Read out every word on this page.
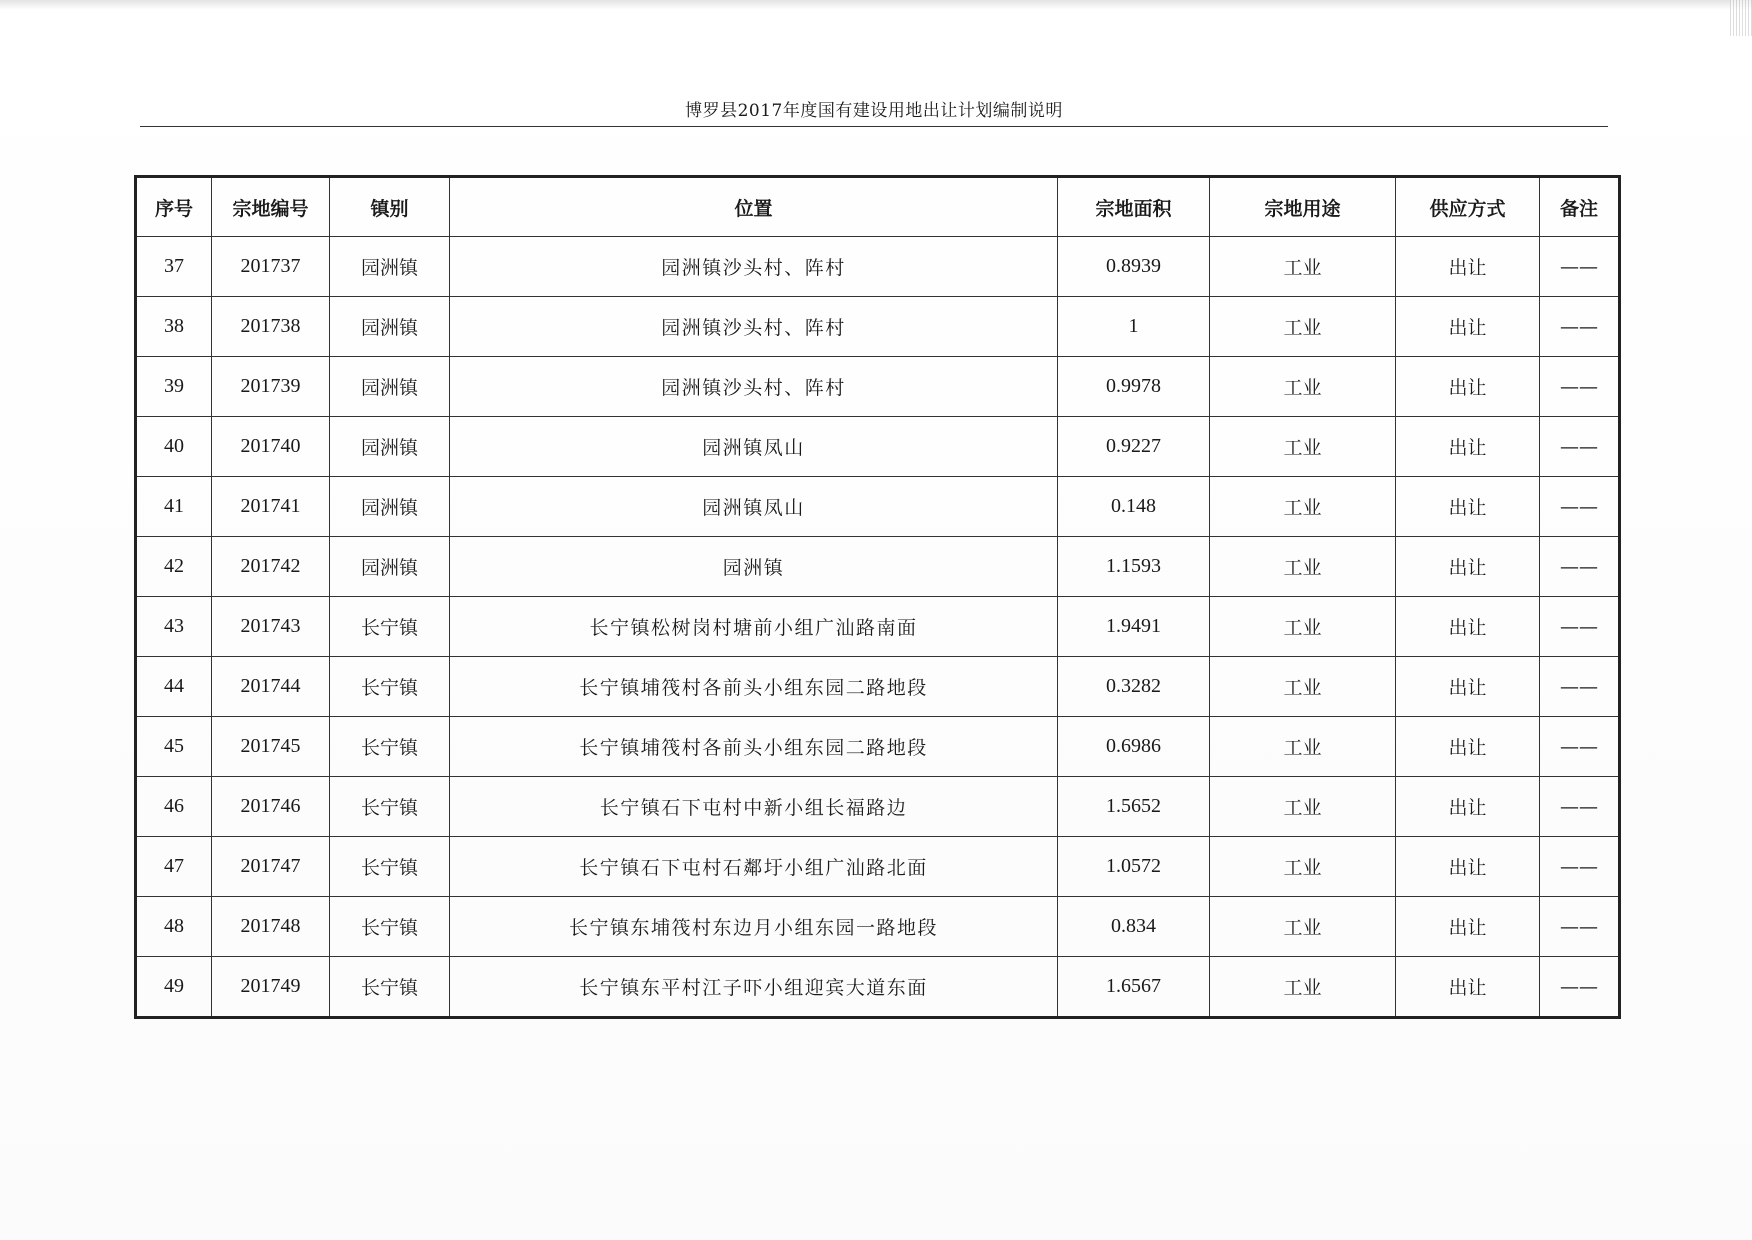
博罗县2017年度国有建设用地出让计划编制说明
序号	宗地编号	镇别	位置	宗地面积	宗地用途	供应方式	备注
37	201737	园洲镇	园洲镇沙头村、阵村	0.8939	工业	出让	——
38	201738	园洲镇	园洲镇沙头村、阵村	1	工业	出让	——
39	201739	园洲镇	园洲镇沙头村、阵村	0.9978	工业	出让	——
40	201740	园洲镇	园洲镇凤山	0.9227	工业	出让	——
41	201741	园洲镇	园洲镇凤山	0.148	工业	出让	——
42	201742	园洲镇	园洲镇	1.1593	工业	出让	——
43	201743	长宁镇	长宁镇松树岗村塘前小组广汕路南面	1.9491	工业	出让	——
44	201744	长宁镇	长宁镇埔筏村各前头小组东园二路地段	0.3282	工业	出让	——
45	201745	长宁镇	长宁镇埔筏村各前头小组东园二路地段	0.6986	工业	出让	——
46	201746	长宁镇	长宁镇石下屯村中新小组长福路边	1.5652	工业	出让	——
47	201747	长宁镇	长宁镇石下屯村石鄰圩小组广汕路北面	1.0572	工业	出让	——
48	201748	长宁镇	长宁镇东埔筏村东边月小组东园一路地段	0.834	工业	出让	——
49	201749	长宁镇	长宁镇东平村江子吓小组迎宾大道东面	1.6567	工业	出让	——
